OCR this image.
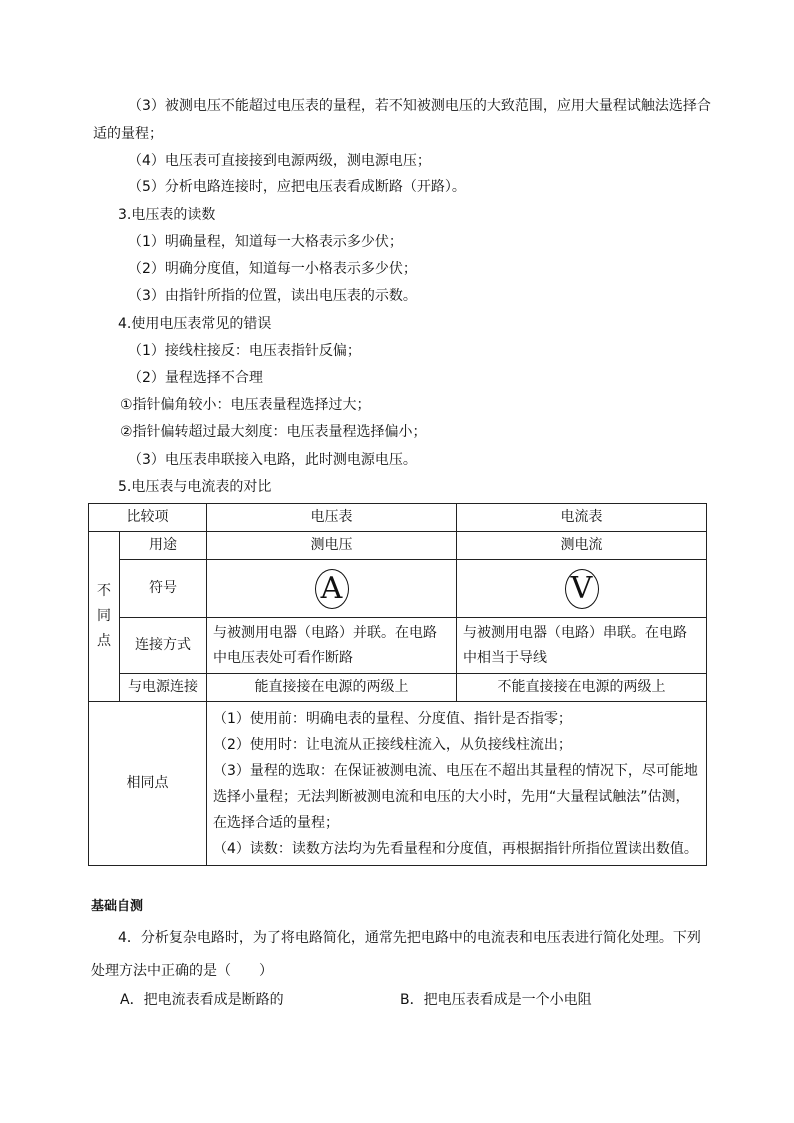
（3）被测电压不能超过电压表的量程，若不知被测电压的大致范围，应用大量程试触法选择合
适的量程；
（4）电压表可直接接到电源两级，测电源电压；
（5）分析电路连接时，应把电压表看成断路（开路）。
3.电压表的读数
（1）明确量程，知道每一大格表示多少伏；
（2）明确分度值，知道每一小格表示多少伏；
（3）由指针所指的位置，读出电压表的示数。
4.使用电压表常见的错误
（1）接线柱接反：电压表指针反偏；
（2）量程选择不合理
①指针偏角较小：电压表量程选择过大；
②指针偏转超过最大刻度：电压表量程选择偏小；
（3）电压表串联接入电路，此时测电源电压。
5.电压表与电流表的对比
比较项		电压表	电流表
不
同
点	用途	测电压	测电流
	符号	A	V
	连接方式	与被测用电器（电路）并联。在电路中电压表处可看作断路	与被测用电器（电路）串联。在电路中相当于导线
	与电源连接	能直接接在电源的两级上	不能直接接在电源的两级上
相同点		（1）使用前：明确电表的量程、分度值、指针是否指零；

（2）使用时：让电流从正接线柱流入，从负接线柱流出；

（3）量程的选取：在保证被测电流、电压在不超出其量程的情况下，尽可能地选择小量程；无法判断被测电流和电压的大小时，先用“大量程试触法”估测，在选择合适的量程；

（4）读数：读数方法均为先看量程和分度值，再根据指针所指位置读出数值。	

基础自测
4．分析复杂电路时，为了将电路简化，通常先把电路中的电流表和电压表进行简化处理。下列
处理方法中正确的是（　　）
A．把电流表看成是断路的	B．把电压表看成是一个小电阻
